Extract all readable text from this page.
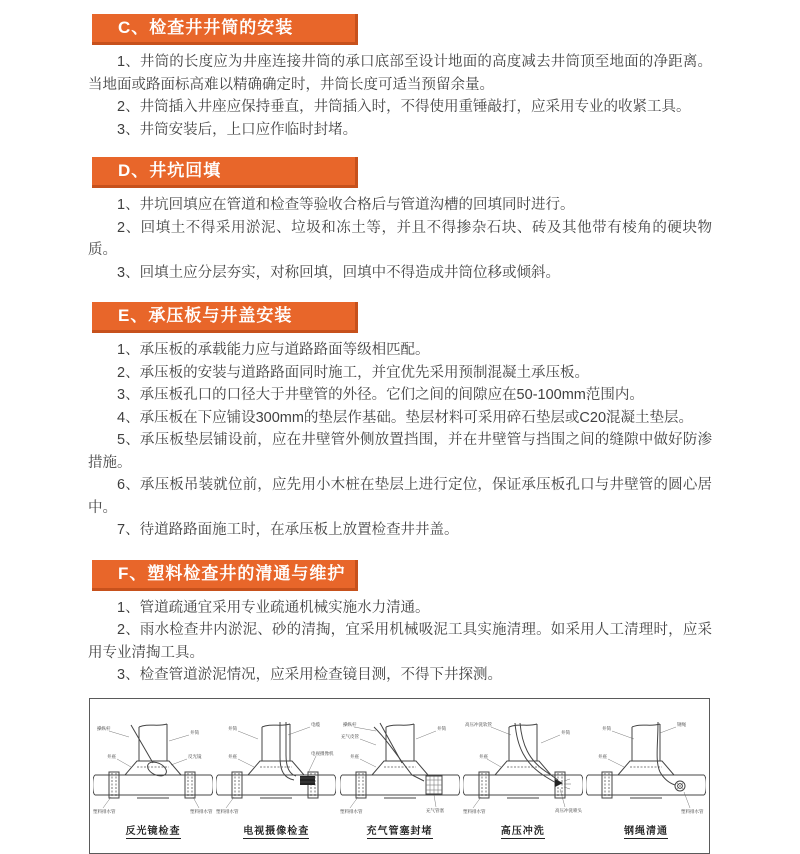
C、检查井井筒的安装

1、井筒的长度应为井座连接井筒的承口底部至设计地面的高度减去井筒顶至地面的净距离。当地面或路面标高难以精确确定时，井筒长度可适当预留余量。

2、井筒插入井座应保持垂直，井筒插入时，不得使用重锤敲打，应采用专业的收紧工具。

3、井筒安装后，上口应作临时封堵。

D、井坑回填

1、井坑回填应在管道和检查等验收合格后与管道沟槽的回填同时进行。

2、回填土不得采用淤泥、垃圾和冻土等，并且不得掺杂石块、砖及其他带有棱角的硬块物质。

3、回填土应分层夯实，对称回填，回填中不得造成井筒位移或倾斜。

E、承压板与井盖安装

1、承压板的承载能力应与道路路面等级相匹配。

2、承压板的安装与道路路面同时施工，并宜优先采用预制混凝土承压板。

3、承压板孔口的口径大于井壁管的外径。它们之间的间隙应在50-100mm范围内。

4、承压板在下应铺设300mm的垫层作基础。垫层材料可采用碎石垫层或C20混凝土垫层。

5、承压板垫层铺设前，应在井壁管外侧放置挡围，并在井壁管与挡围之间的缝隙中做好防渗措施。

6、承压板吊装就位前，应先用小木桩在垫层上进行定位，保证承压板孔口与井壁管的圆心居中。

7、待道路路面施工时，在承压板上放置检查井井盖。

F、塑料检查井的清通与维护

1、管道疏通宜采用专业疏通机械实施水力清通。

2、雨水检查井内淤泥、砂的清掏，宜采用机械吸泥工具实施清理。如采用人工清理时，应采用专业清掏工具。

3、检查管道淤泥情况，应采用检查镜目测，不得下井探测。

操纵杆
井筒
井座	反光镜
塑料排水管	塑料排水管
反光镜检查
井筒
电缆
井座
电视摄像机
塑料排水管
电视摄像检查
操纵杆
充气皮管
井筒
井座
充气管塞
塑料排水管
充气管塞封堵
高压冲洗软管
井筒
井座
塑料排水管	高压冲洗喷头
高压冲洗
井筒
钢绳
井座
塑料排水管
钢绳清通
